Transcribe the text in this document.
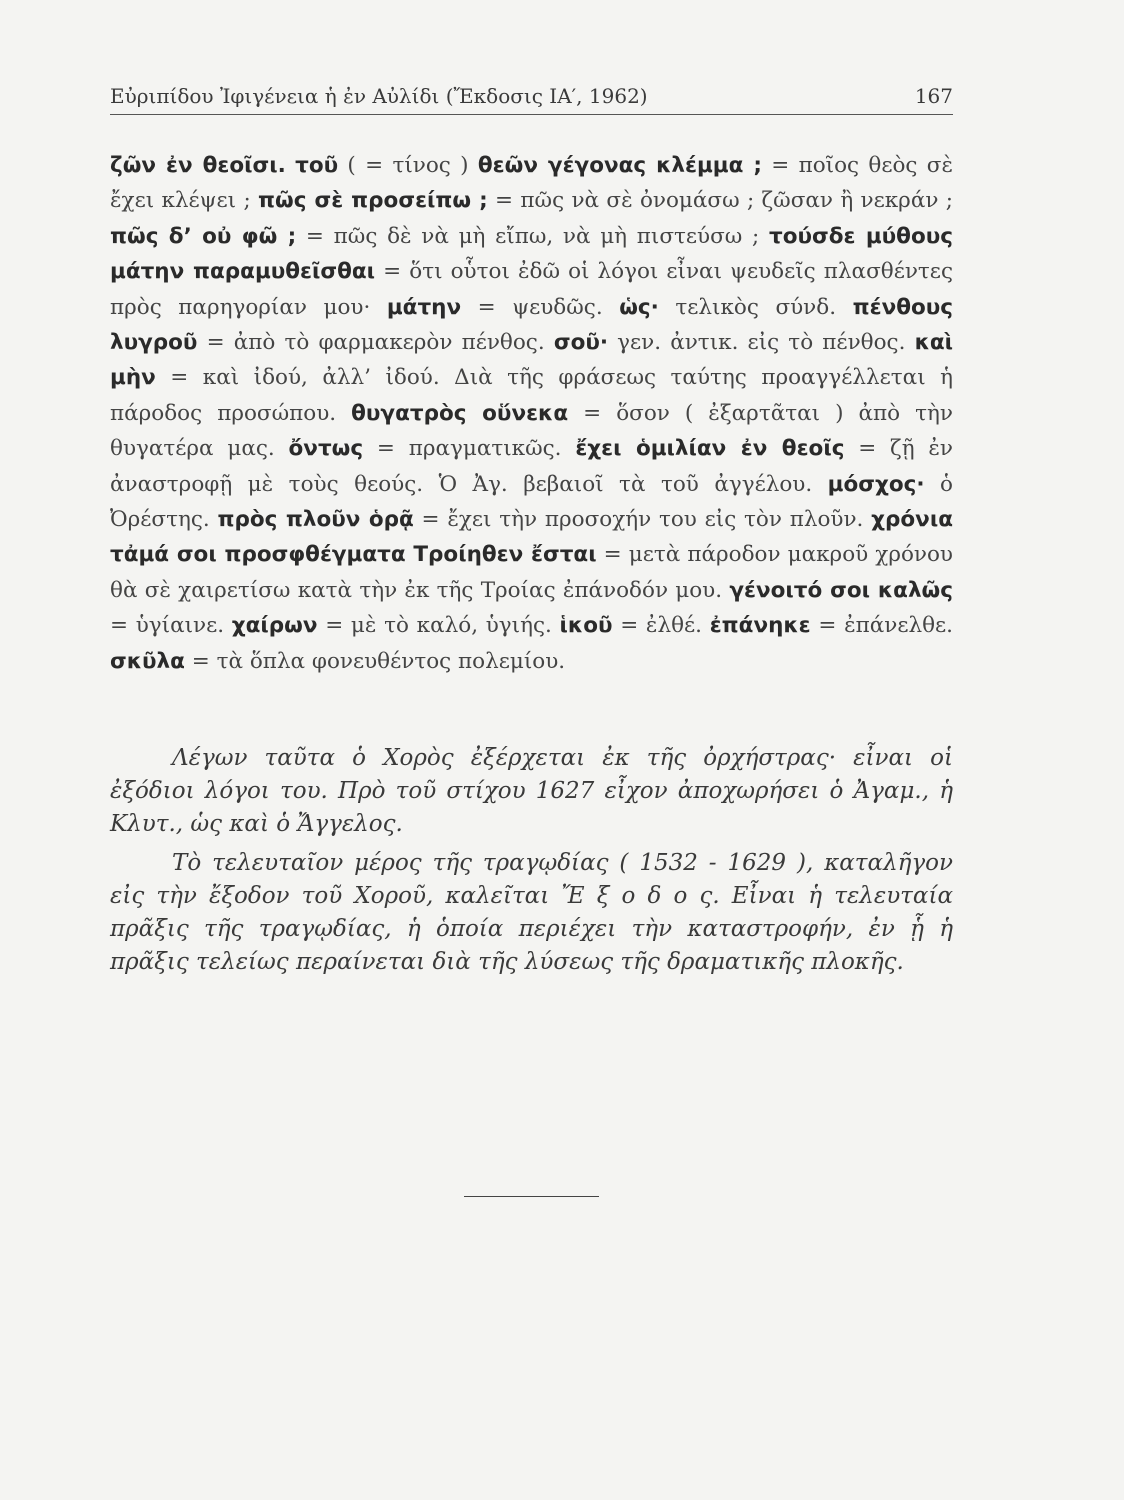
Εὐριπίδου Ἰφιγένεια ἡ ἐν Αὐλίδι (Ἔκδοσις ΙΑ′, 1962)	167
ζῶν ἐν θεοῖσι. τοῦ ( = τίνος ) θεῶν γέγονας κλέμμα ; = ποῖος θεὸς σὲ ἔχει κλέψει ; πῶς σὲ προσείπω ; = πῶς νὰ σὲ ὀνομάσω ; ζῶσαν ἢ νεκράν ; πῶς δ’ οὐ φῶ ; = πῶς δὲ νὰ μὴ εἴπω, νὰ μὴ πιστεύσω ; τούσδε μύθους μάτην παραμυθεῖσθαι = ὅτι οὗτοι ἐδῶ οἱ λόγοι εἶναι ψευδεῖς πλασθέντες πρὸς παρηγορίαν μου· μάτην = ψευδῶς. ὡς· τελικὸς σύνδ. πένθους λυγροῦ = ἀπὸ τὸ φαρμακερὸν πένθος. σοῦ· γεν. ἀντικ. εἰς τὸ πένθος. καὶ μὴν = καὶ ἰδού, ἀλλ’ ἰδού. Διὰ τῆς φράσεως ταύτης προαγγέλλεται ἡ πάροδος προσώπου. θυγατρὸς οὕνεκα = ὅσον ( ἐξαρτᾶται ) ἀπὸ τὴν θυγατέρα μας. ὄντως = πραγματικῶς. ἔχει ὁμιλίαν ἐν θεοῖς = ζῇ ἐν ἀναστροφῇ μὲ τοὺς θεούς. Ὁ Ἀγ. βεβαιοῖ τὰ τοῦ ἀγγέλου. μόσχος· ὁ Ὀρέστης. πρὸς πλοῦν ὁρᾷ = ἔχει τὴν προσοχήν του εἰς τὸν πλοῦν. χρόνια τἀμά σοι προσφθέγματα Τροίηθεν ἔσται = μετὰ πάροδον μακροῦ χρόνου θὰ σὲ χαιρετίσω κατὰ τὴν ἐκ τῆς Τροίας ἐπάνοδόν μου. γένοιτό σοι καλῶς = ὑγίαινε. χαίρων = μὲ τὸ καλό, ὑγιής. ἱκοῦ = ἐλθέ. ἐπάνηκε = ἐπάνελθε. σκῦλα = τὰ ὅπλα φονευθέντος πολεμίου.

Λέγων ταῦτα ὁ Χορὸς ἐξέρχεται ἐκ τῆς ὀρχήστρας· εἶναι οἱ ἐξόδιοι λόγοι του. Πρὸ τοῦ στίχου 1627 εἶχον ἀποχωρήσει ὁ Ἀγαμ., ἡ Κλυτ., ὡς καὶ ὁ Ἄγγελος.

Τὸ τελευταῖον μέρος τῆς τραγῳδίας ( 1532 - 1629 ), καταλῆγον εἰς τὴν ἔξοδον τοῦ Χοροῦ, καλεῖται Ἔ ξ ο δ ο ς. Εἶναι ἡ τελευταία πρᾶξις τῆς τραγῳδίας, ἡ ὁποία περιέχει τὴν καταστροφήν, ἐν ᾗ ἡ πρᾶξις τελείως περαίνεται διὰ τῆς λύσεως τῆς δραματικῆς πλοκῆς.
